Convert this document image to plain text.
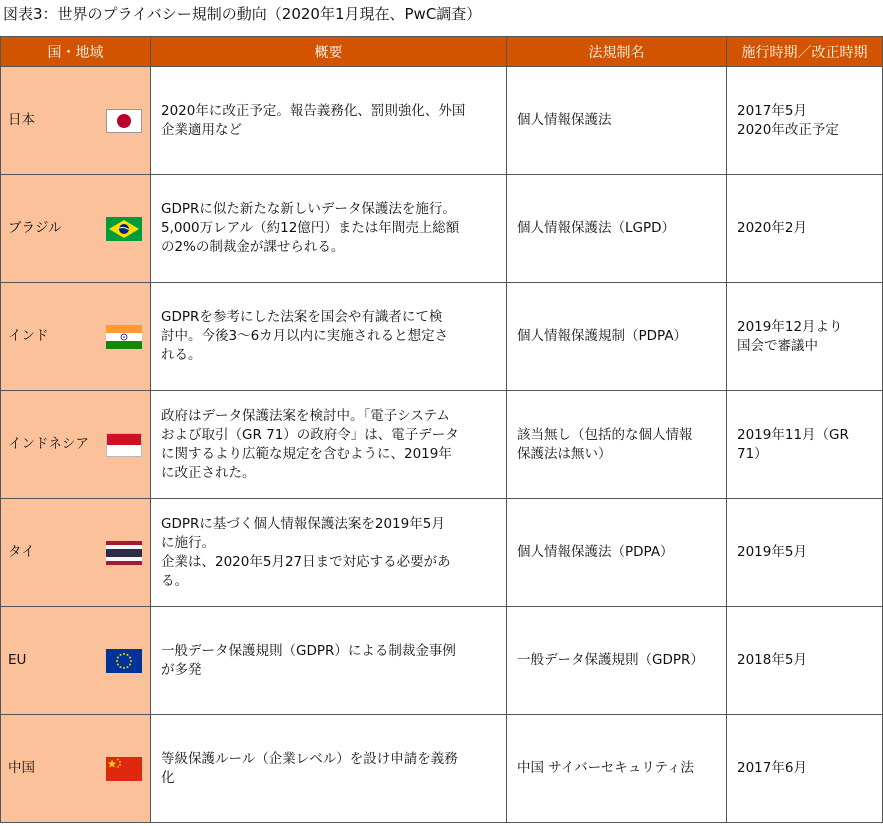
図表3：世界のプライバシー規制の動向（2020年1月現在、PwC調査）
国・地域	概要	法規制名	施行時期／改正時期

日本	2020年に改正予定。報告義務化、罰則強化、外国
企業適用など	個人情報保護法	2017年5月
2020年改正予定

ブラジル	GDPRに似た新たな新しいデータ保護法を施行。
5,000万レアル（約12億円）または年間売上総額
の2%の制裁金が課せられる。	個人情報保護法（LGPD）	2020年2月

インド	GDPRを参考にした法案を国会や有識者にて検
討中。今後3～6カ月以内に実施されると想定さ
れる。	個人情報保護規制（PDPA）	2019年12月より
国会で審議中

インドネシア	政府はデータ保護法案を検討中。「電子システム
および取引（GR 71）の政府令」は、電子データ
に関するより広範な規定を含むように、2019年
に改正された。	該当無し（包括的な個人情報
保護法は無い）	2019年11月（GR
71）

タイ	GDPRに基づく個人情報保護法案を2019年5月
に施行。
企業は、2020年5月27日まで対応する必要があ
る。	個人情報保護法（PDPA）	2019年5月

EU	一般データ保護規則（GDPR）による制裁金事例
が多発	一般データ保護規則（GDPR）	2018年5月

中国	等級保護ルール（企業レベル）を設け申請を義務
化	中国 サイバーセキュリティ法	2017年6月
